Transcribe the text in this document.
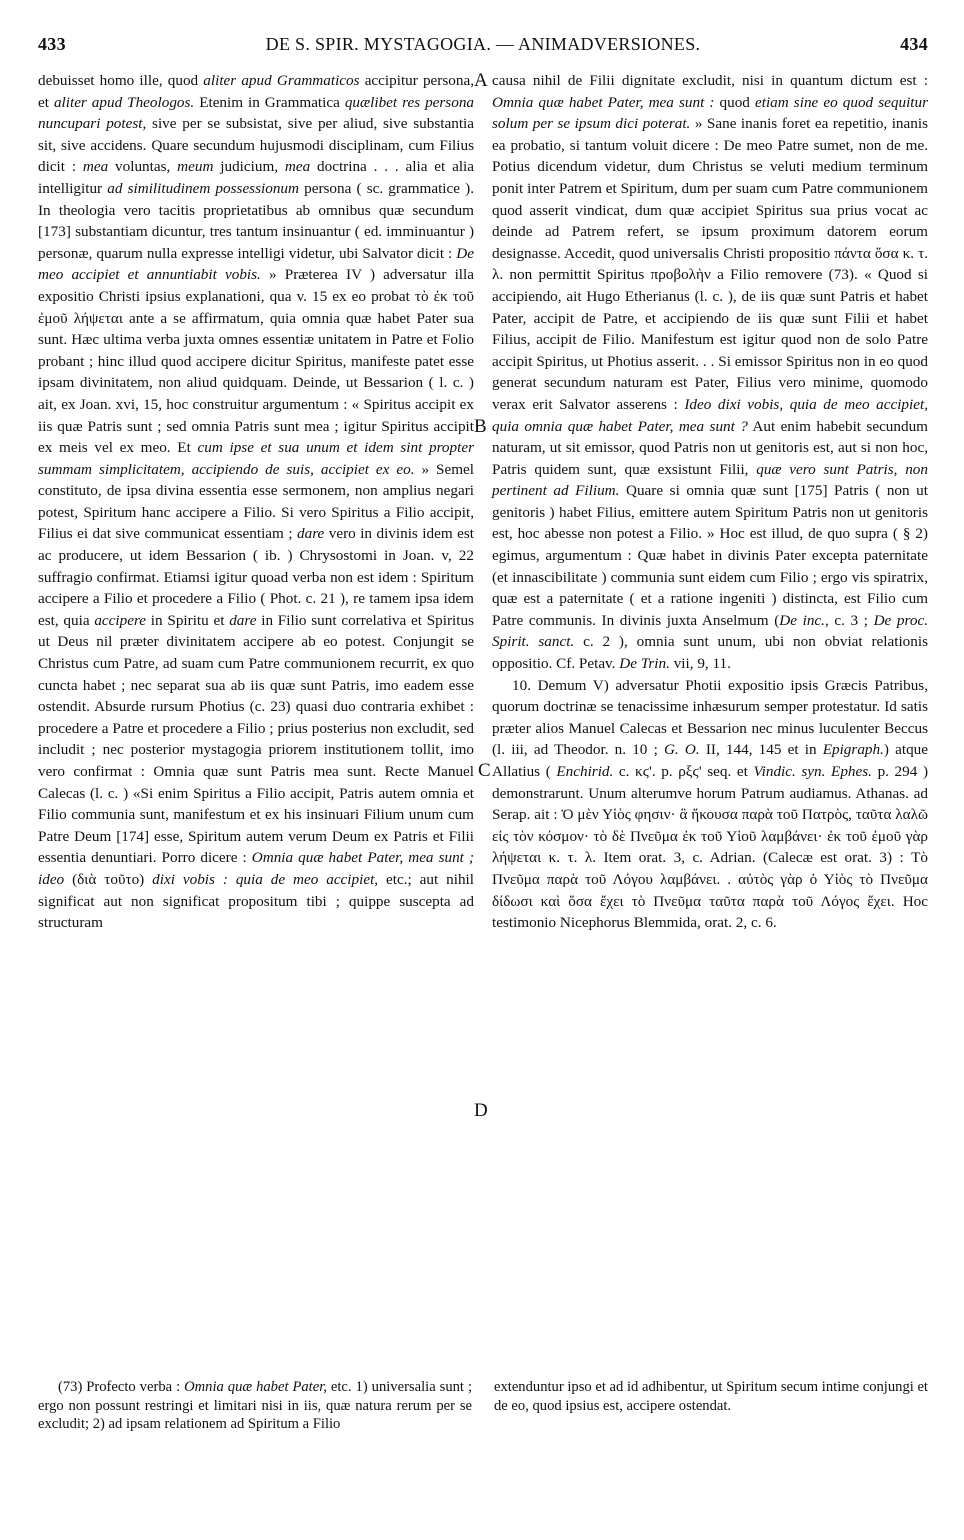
433	DE S. SPIR. MYSTAGOGIA. — ANIMADVERSIONES.	434
A
B
C
D

debuisset homo ille, quod aliter apud Grammaticos accipitur persona, et aliter apud Theologos. Etenim in Grammatica quælibet res persona nuncupari potest, sive per se subsistat, sive per aliud, sive substantia sit, sive accidens. Quare secundum hujusmodi disciplinam, cum Filius dicit : mea voluntas, meum judicium, mea doctrina . . . alia et alia intelligitur ad similitudinem possessionum persona ( sc. grammatice ). In theologia vero tacitis proprietatibus ab omnibus quæ secundum [173] substantiam dicuntur, tres tantum insinuantur ( ed. imminuantur ) personæ, quarum nulla expresse intelligi videtur, ubi Salvator dicit : De meo accipiet et annuntiabit vobis. » Præterea IV ) adversatur illa expositio Christi ipsius explanationi, qua v. 15 ex eo probat τὸ ἐκ τοῦ ἐμοῦ λήψεται ante a se affirmatum, quia omnia quæ habet Pater sua sunt. Hæc ultima verba juxta omnes essentiæ unitatem in Patre et Folio probant ; hinc illud quod accipere dicitur Spiritus, manifeste patet esse ipsam divinitatem, non aliud quidquam. Deinde, ut Bessarion ( l. c. ) ait, ex Joan. xvi, 15, hoc construitur argumentum : « Spiritus accipit ex iis quæ Patris sunt ; sed omnia Patris sunt mea ; igitur Spiritus accipit ex meis vel ex meo. Et cum ipse et sua unum et idem sint propter summam simplicitatem, accipiendo de suis, accipiet ex eo. » Semel constituto, de ipsa divina essentia esse sermonem, non amplius negari potest, Spiritum hanc accipere a Filio. Si vero Spiritus a Filio accipit, Filius ei dat sive communicat essentiam ; dare vero in divinis idem est ac producere, ut idem Bessarion ( ib. ) Chrysostomi in Joan. v, 22 suffragio confirmat. Etiamsi igitur quoad verba non est idem : Spiritum accipere a Filio et procedere a Filio ( Phot. c. 21 ), re tamem ipsa idem est, quia accipere in Spiritu et dare in Filio sunt correlativa et Spiritus ut Deus nil præter divinitatem accipere ab eo potest. Conjungit se Christus cum Patre, ad suam cum Patre communionem recurrit, ex quo cuncta habet ; nec separat sua ab iis quæ sunt Patris, imo eadem esse ostendit. Absurde rursum Photius (c. 23) quasi duo contraria exhibet : procedere a Patre et procedere a Filio ; prius posterius non excludit, sed includit ; nec posterior mystagogia priorem institutionem tollit, imo vero confirmat : Omnia quæ sunt Patris mea sunt. Recte Manuel Calecas (l. c. ) «Si enim Spiritus a Filio accipit, Patris autem omnia et Filio communia sunt, manifestum et ex his insinuari Filium unum cum Patre Deum [174] esse, Spiritum autem verum Deum ex Patris et Filii essentia denuntiari. Porro dicere : Omnia quæ habet Pater, mea sunt ; ideo (διὰ τοῦτο) dixi vobis : quia de meo accipiet, etc.; aut nihil significat aut non significat propositum tibi ; quippe suscepta ad structuram

causa nihil de Filii dignitate excludit, nisi in quantum dictum est : Omnia quæ habet Pater, mea sunt : quod etiam sine eo quod sequitur solum per se ipsum dici poterat. » Sane inanis foret ea repetitio, inanis ea probatio, si tantum voluit dicere : De meo Patre sumet, non de me. Potius dicendum videtur, dum Christus se veluti medium terminum ponit inter Patrem et Spiritum, dum per suam cum Patre communionem quod asserit vindicat, dum quæ accipiet Spiritus sua prius vocat ac deinde ad Patrem refert, se ipsum proximum datorem eorum designasse. Accedit, quod universalis Christi propositio πάντα ὅσα κ. τ. λ. non permittit Spiritus προβολὴν a Filio removere (73). « Quod si accipiendo, ait Hugo Etherianus (l. c. ), de iis quæ sunt Patris et habet Pater, accipit de Patre, et accipiendo de iis quæ sunt Filii et habet Filius, accipit de Filio. Manifestum est igitur quod non de solo Patre accipit Spiritus, ut Photius asserit. . . Si emissor Spiritus non in eo quod generat secundum naturam est Pater, Filius vero minime, quomodo verax erit Salvator asserens : Ideo dixi vobis, quia de meo accipiet, quia omnia quæ habet Pater, mea sunt ? Aut enim habebit secundum naturam, ut sit emissor, quod Patris non ut genitoris est, aut si non hoc, Patris quidem sunt, quæ exsistunt Filii, quæ vero sunt Patris, non pertinent ad Filium. Quare si omnia quæ sunt [175] Patris ( non ut genitoris ) habet Filius, emittere autem Spiritum Patris non ut genitoris est, hoc abesse non potest a Filio. » Hoc est illud, de quo supra ( § 2) egimus, argumentum : Quæ habet in divinis Pater excepta paternitate (et innascibilitate ) communia sunt eidem cum Filio ; ergo vis spiratrix, quæ est a paternitate ( et a ratione ingeniti ) distincta, est Filio cum Patre communis. In divinis juxta Anselmum (De inc., c. 3 ; De proc. Spirit. sanct. c. 2 ), omnia sunt unum, ubi non obviat relationis oppositio. Cf. Petav. De Trin. vii, 9, 11.

10. Demum V) adversatur Photii expositio ipsis Græcis Patribus, quorum doctrinæ se tenacissime inhæsurum semper protestatur. Id satis præter alios Manuel Calecas et Bessarion nec minus luculenter Beccus (l. iii, ad Theodor. n. 10 ; G. O. II, 144, 145 et in Epigraph.) atque Allatius ( Enchirid. c. κϛ'. p. ρξϛ' seq. et Vindic. syn. Ephes. p. 294 ) demonstrarunt. Unum alterumve horum Patrum audiamus. Athanas. ad Serap. ait : Ὁ μὲν Υἱὸς φησιν· ἃ ἤκουσα παρὰ τοῦ Πατρὸς, ταῦτα λαλῶ εἰς τὸν κόσμον· τὸ δὲ Πνεῦμα ἐκ τοῦ Υἱοῦ λαμβάνει· ἐκ τοῦ ἐμοῦ γὰρ λήψεται κ. τ. λ. Item orat. 3, c. Adrian. (Calecæ est orat. 3) : Τὸ Πνεῦμα παρὰ τοῦ Λόγου λαμβάνει. . αὐτὸς γὰρ ὁ Υἱὸς τὸ Πνεῦμα δίδωσι καὶ ὅσα ἔχει τὸ Πνεῦμα ταῦτα παρὰ τοῦ Λόγος ἔχει. Hoc testimonio Nicephorus Blemmida, orat. 2, c. 6.

(73) Profecto verba : Omnia quæ habet Pater, etc. 1) universalia sunt ; ergo non possunt restringi et limitari nisi in iis, quæ natura rerum per se excludit; 2) ad ipsam relationem ad Spiritum a Filio
extenduntur ipso et ad id adhibentur, ut Spiritum secum intime conjungi et de eo, quod ipsius est, accipere ostendat.
